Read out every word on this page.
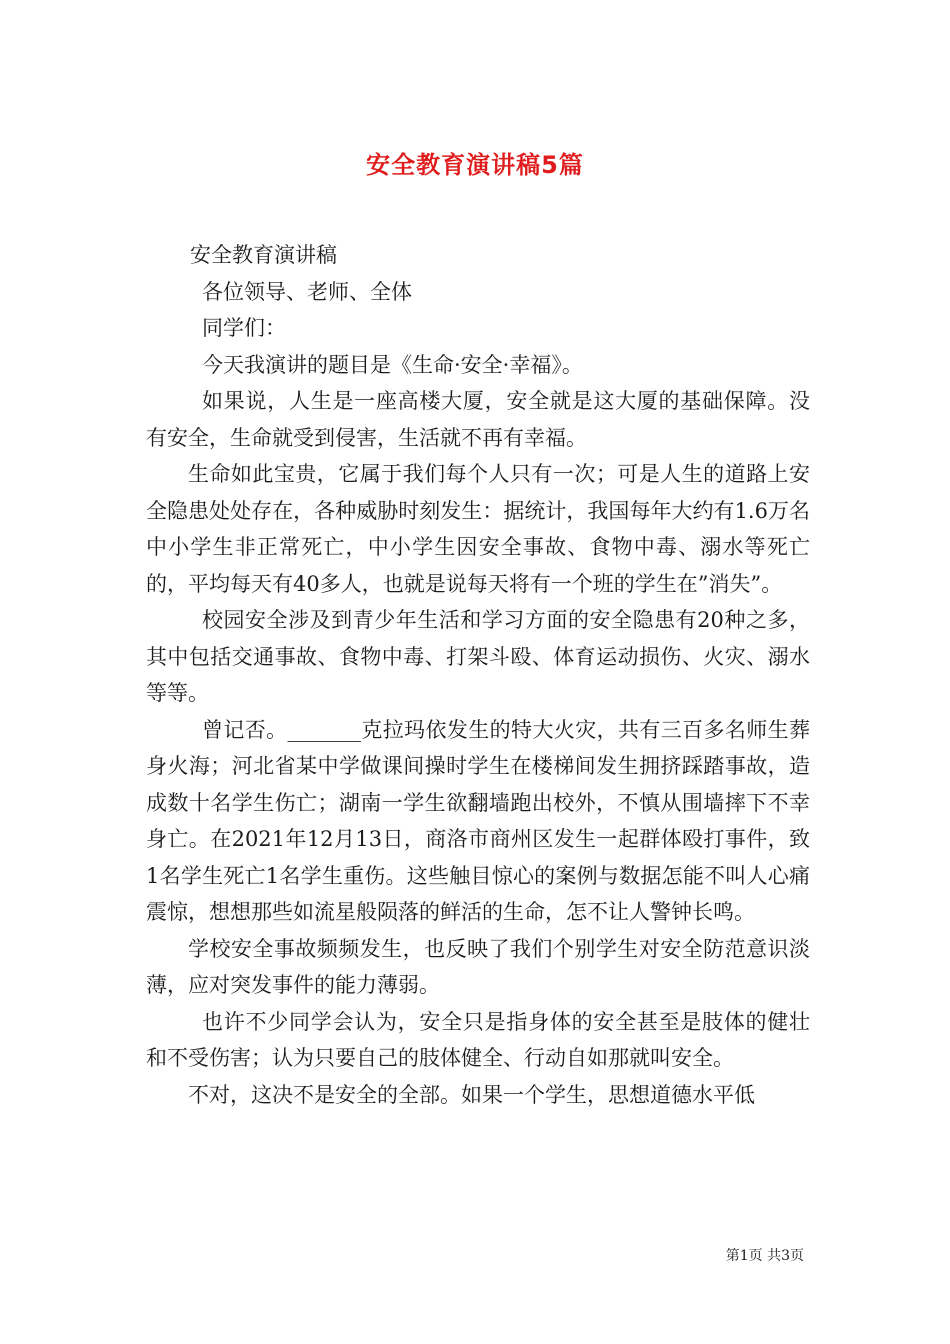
安全教育演讲稿5篇

安全教育演讲稿

各位领导、老师、全体

同学们：

今天我演讲的题目是《生命·安全·幸福》。

如果说，人生是一座高楼大厦，安全就是这大厦的基础保障。没有安全，生命就受到侵害，生活就不再有幸福。

生命如此宝贵，它属于我们每个人只有一次；可是人生的道路上安全隐患处处存在，各种威胁时刻发生：据统计，我国每年大约有1.6万名中小学生非正常死亡，中小学生因安全事故、食物中毒、溺水等死亡的，平均每天有40多人，也就是说每天将有一个班的学生在”消失”。

校园安全涉及到青少年生活和学习方面的安全隐患有20种之多，其中包括交通事故、食物中毒、打架斗殴、体育运动损伤、火灾、溺水等等。

曾记否。_______克拉玛依发生的特大火灾，共有三百多名师生葬身火海；河北省某中学做课间操时学生在楼梯间发生拥挤踩踏事故，造成数十名学生伤亡；湖南一学生欲翻墙跑出校外，不慎从围墙摔下不幸身亡。在2021年12月13日，商洛市商州区发生一起群体殴打事件，致1名学生死亡1名学生重伤。这些触目惊心的案例与数据怎能不叫人心痛震惊，想想那些如流星般陨落的鲜活的生命，怎不让人警钟长鸣。

学校安全事故频频发生，也反映了我们个别学生对安全防范意识淡薄，应对突发事件的能力薄弱。

也许不少同学会认为，安全只是指身体的安全甚至是肢体的健壮和不受伤害；认为只要自己的肢体健全、行动自如那就叫安全。

不对，这决不是安全的全部。如果一个学生，思想道德水平低

第1页 共3页
